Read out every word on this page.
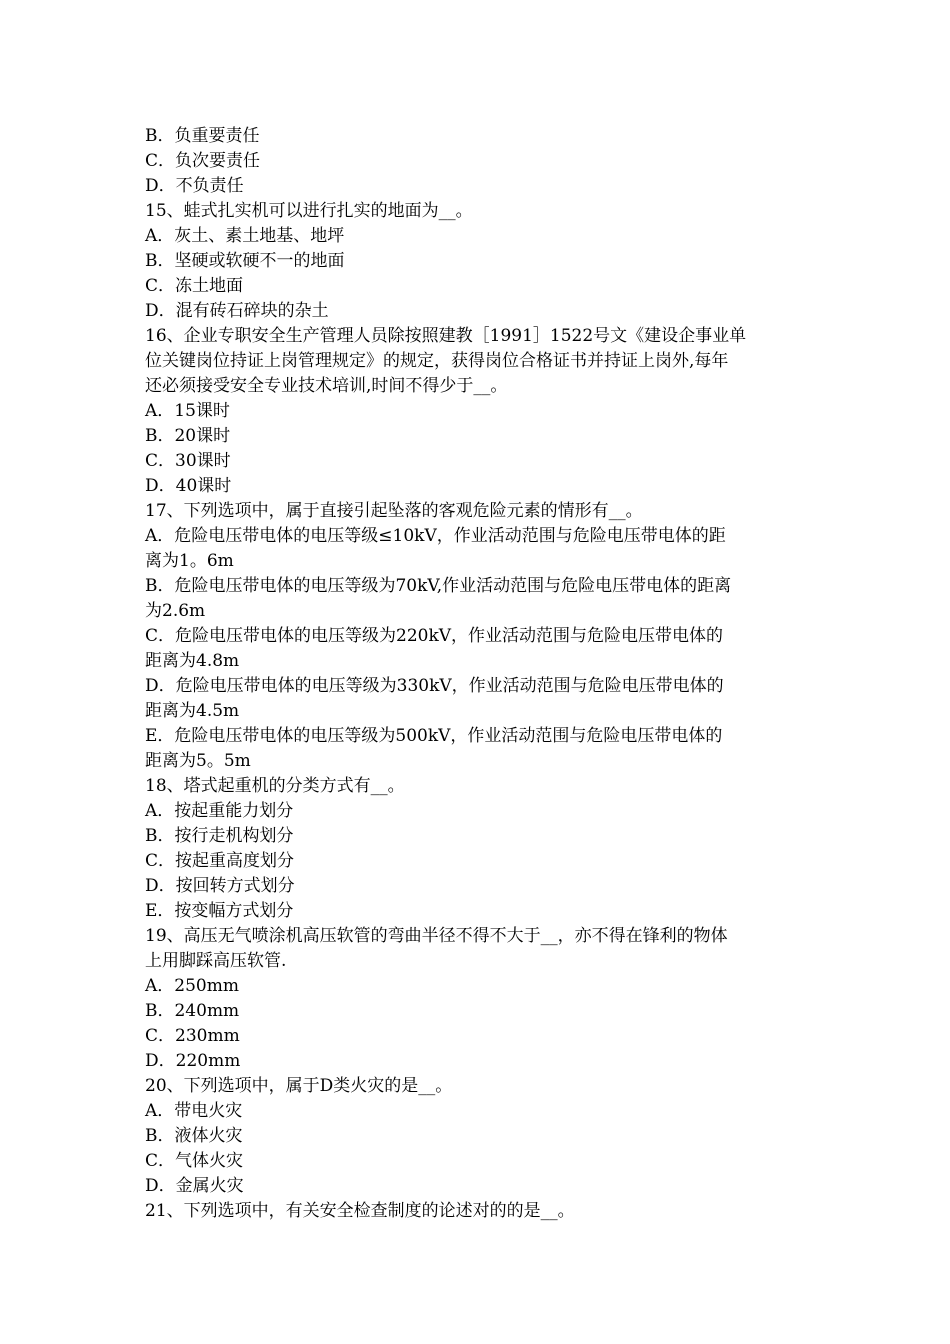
B．负重要责任
C．负次要责任
D．不负责任
15、蛙式扎实机可以进行扎实的地面为__。
A．灰土、素土地基、地坪
B．坚硬或软硬不一的地面
C．冻土地面
D．混有砖石碎块的杂土
16、企业专职安全生产管理人员除按照建教［1991］1522号文《建设企事业单
位关键岗位持证上岗管理规定》的规定，获得岗位合格证书并持证上岗外,每年
还必须接受安全专业技术培训,时间不得少于__。
A．15课时
B．20课时
C．30课时
D．40课时
17、下列选项中，属于直接引起坠落的客观危险元素的情形有__。
A．危险电压带电体的电压等级≤10kV，作业活动范围与危险电压带电体的距
离为1。6m
B．危险电压带电体的电压等级为70kV,作业活动范围与危险电压带电体的距离
为2.6m
C．危险电压带电体的电压等级为220kV，作业活动范围与危险电压带电体的
距离为4.8m
D．危险电压带电体的电压等级为330kV，作业活动范围与危险电压带电体的
距离为4.5m
E．危险电压带电体的电压等级为500kV，作业活动范围与危险电压带电体的
距离为5。5m
18、塔式起重机的分类方式有__。
A．按起重能力划分
B．按行走机构划分
C．按起重高度划分
D．按回转方式划分
E．按变幅方式划分
19、高压无气喷涂机高压软管的弯曲半径不得不大于__，亦不得在锋利的物体
上用脚踩高压软管.
A．250mm
B．240mm
C．230mm
D．220mm
20、下列选项中，属于D类火灾的是__。
A．带电火灾
B．液体火灾
C．气体火灾
D．金属火灾
21、下列选项中，有关安全检查制度的论述对的的是__。
